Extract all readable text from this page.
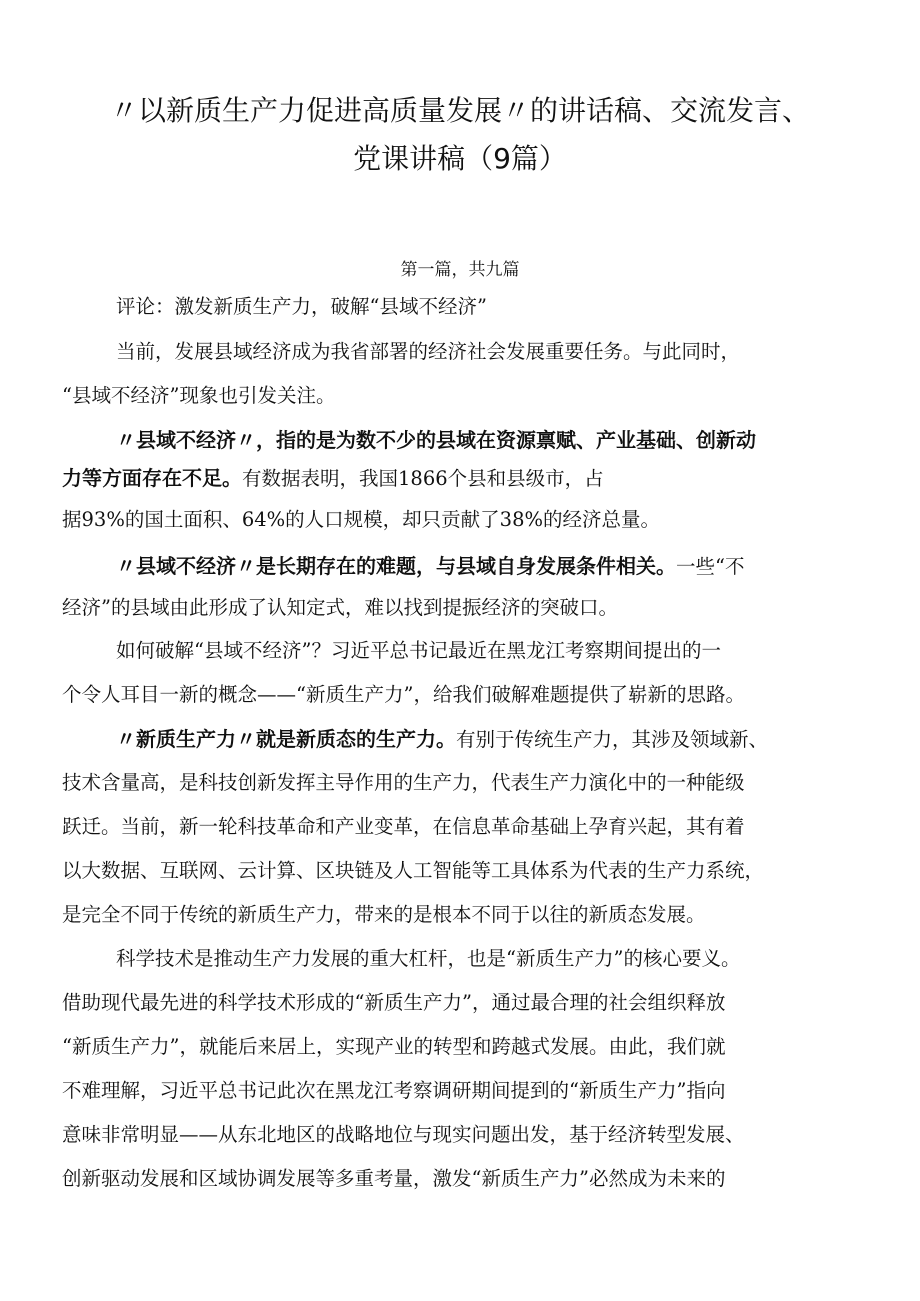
〃以新质生产力促进高质量发展〃的讲话稿、交流发言、
党课讲稿（9篇）
第一篇，共九篇
评论：激发新质生产力，破解“县域不经济”
当前，发展县域经济成为我省部署的经济社会发展重要任务。与此同时，
“县域不经济”现象也引发关注。
〃县域不经济〃，指的是为数不少的县域在资源禀赋、产业基础、创新动
力等方面存在不足。有数据表明，我国1866个县和县级市，占
据93%的国土面积、64%的人口规模，却只贡献了38%的经济总量。
〃县域不经济〃是长期存在的难题，与县域自身发展条件相关。一些“不
经济”的县域由此形成了认知定式，难以找到提振经济的突破口。
如何破解“县域不经济”？习近平总书记最近在黑龙江考察期间提出的一
个令人耳目一新的概念——“新质生产力”，给我们破解难题提供了崭新的思路。
〃新质生产力〃就是新质态的生产力。有别于传统生产力，其涉及领域新、
技术含量高，是科技创新发挥主导作用的生产力，代表生产力演化中的一种能级
跃迁。当前，新一轮科技革命和产业变革，在信息革命基础上孕育兴起，其有着
以大数据、互联网、云计算、区块链及人工智能等工具体系为代表的生产力系统，
是完全不同于传统的新质生产力，带来的是根本不同于以往的新质态发展。
科学技术是推动生产力发展的重大杠杆，也是“新质生产力”的核心要义。
借助现代最先进的科学技术形成的“新质生产力”，通过最合理的社会组织释放
“新质生产力”，就能后来居上，实现产业的转型和跨越式发展。由此，我们就
不难理解，习近平总书记此次在黑龙江考察调研期间提到的“新质生产力”指向
意味非常明显——从东北地区的战略地位与现实问题出发，基于经济转型发展、
创新驱动发展和区域协调发展等多重考量，激发“新质生产力”必然成为未来的
